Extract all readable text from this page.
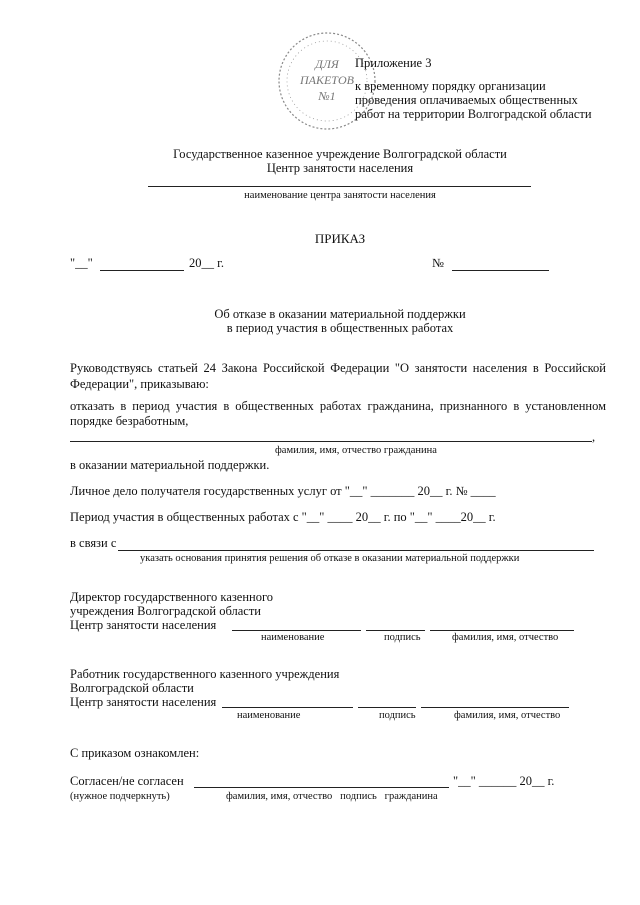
ДЛЯ
ПАКЕТОВ
№1
Приложение 3
к временному порядку организации
проведения оплачиваемых общественных
работ на территории Волгоградской области
Государственное казенное учреждение Волгоградской области
Центр занятости населения
наименование центра занятости населения
ПРИКАЗ
"__"	20__ г.	№
Об отказе в оказании материальной поддержки
в период участия в общественных работах
Руководствуясь статьей 24 Закона Российской Федерации "О занятости населения в Российской Федерации", приказываю:
отказать в период участия в общественных работах гражданина, признанного в установленном порядке безработным,
,
фамилия, имя, отчество гражданина
в оказании материальной поддержки.
Личное дело получателя государственных услуг от "__" _______ 20__ г. № ____
Период участия в общественных работах с "__" ____ 20__ г. по "__" ____20__ г.
в связи с
указать основания принятия решения об отказе в оказании материальной поддержки
Директор государственного казенного
учреждения Волгоградской области
Центр занятости населения
наименование	подпись	фамилия, имя, отчество
Работник государственного казенного учреждения
Волгоградской области
Центр занятости населения
наименование	подпись	фамилия, имя, отчество
С приказом ознакомлен:
Согласен/не согласен	"__" ______ 20__ г.
(нужное подчеркнуть)	фамилия, имя, отчество   подпись   гражданина
